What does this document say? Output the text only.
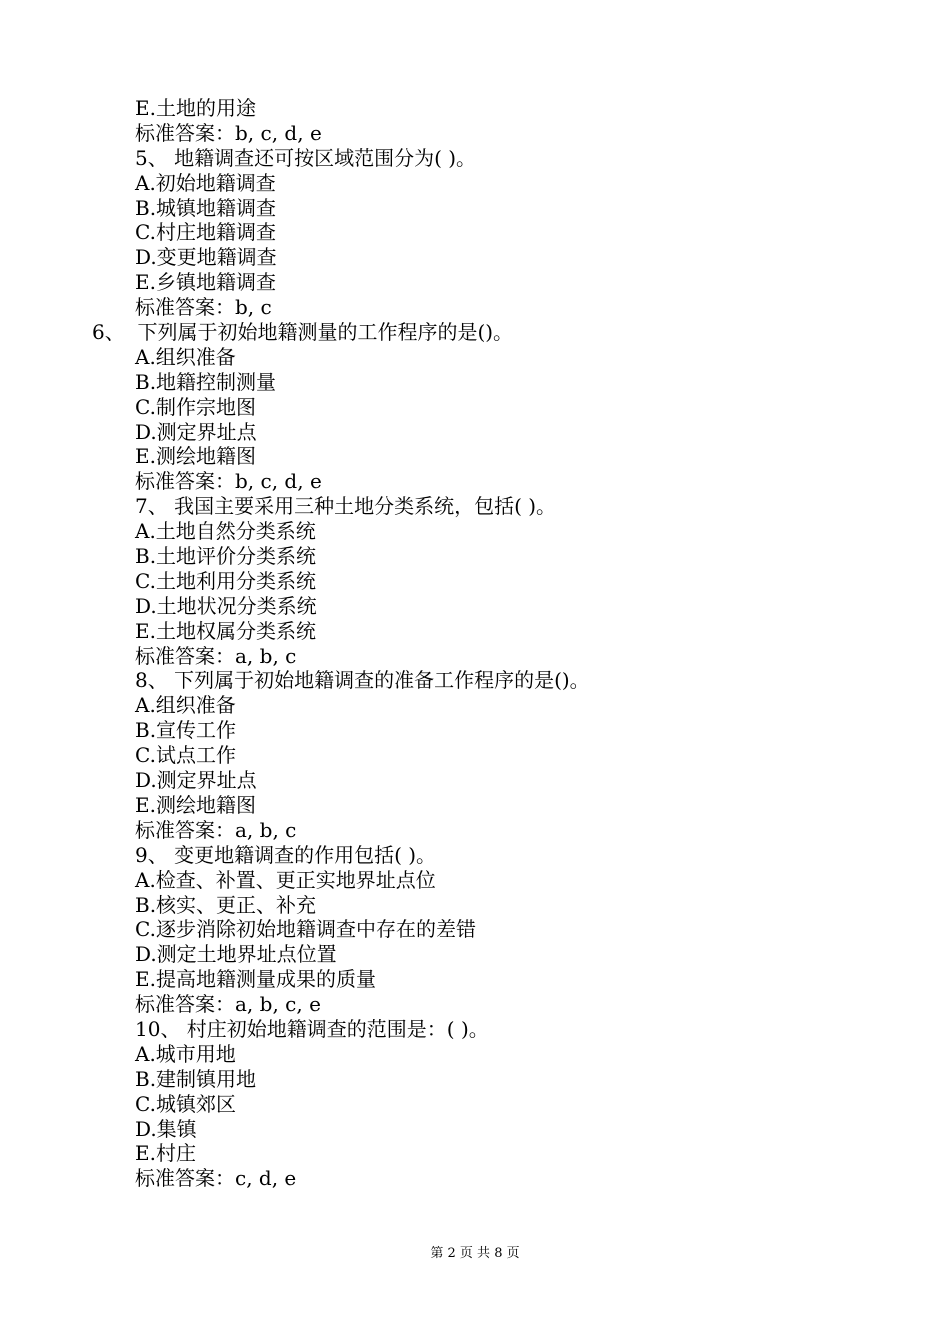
E.土地的用途
标准答案：b, c, d, e
5、 地籍调查还可按区域范围分为( )。
A.初始地籍调查
B.城镇地籍调查
C.村庄地籍调查
D.变更地籍调查
E.乡镇地籍调查
标准答案：b, c
6、  下列属于初始地籍测量的工作程序的是()。
A.组织准备
B.地籍控制测量
C.制作宗地图
D.测定界址点
E.测绘地籍图
标准答案：b, c, d, e
7、 我国主要采用三种土地分类系统，包括( )。
A.土地自然分类系统
B.土地评价分类系统
C.土地利用分类系统
D.土地状况分类系统
E.土地权属分类系统
标准答案：a, b, c
8、 下列属于初始地籍调查的准备工作程序的是()。
A.组织准备
B.宣传工作
C.试点工作
D.测定界址点
E.测绘地籍图
标准答案：a, b, c
9、 变更地籍调查的作用包括( )。
A.检查、补置、更正实地界址点位
B.核实、更正、补充
C.逐步消除初始地籍调查中存在的差错
D.测定土地界址点位置
E.提高地籍测量成果的质量
标准答案：a, b, c, e
10、 村庄初始地籍调查的范围是：( )。
A.城市用地
B.建制镇用地
C.城镇郊区
D.集镇
E.村庄
标准答案：c, d, e
第 2 页 共 8 页
